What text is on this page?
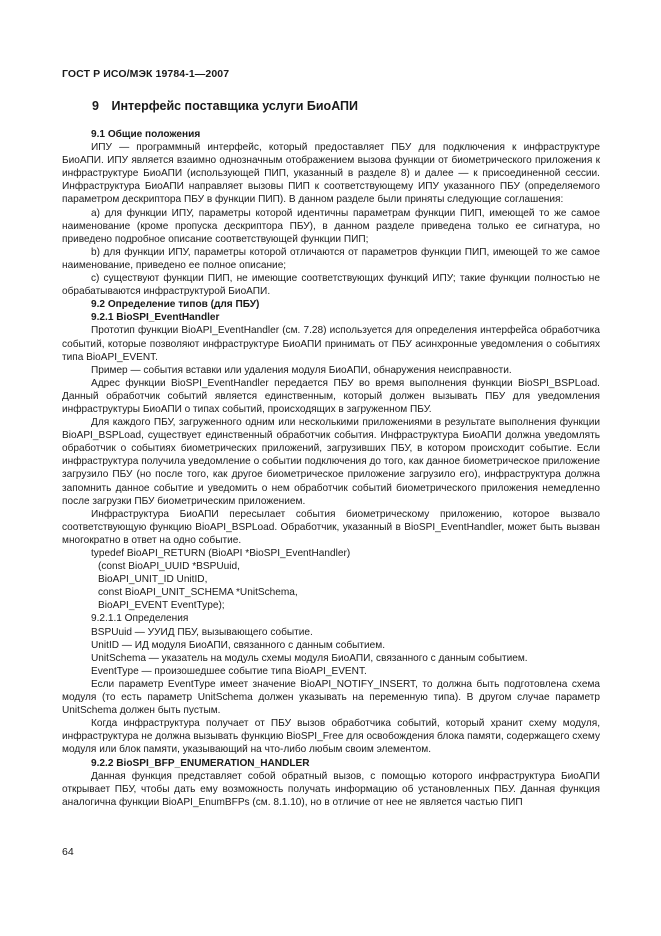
ГОСТ Р ИСО/МЭК 19784-1—2007
9 Интерфейс поставщика услуги БиоАПИ

9.1 Общие положения

ИПУ — программный интерфейс, который предоставляет ПБУ для подключения к инфраструктуре БиоАПИ. ИПУ является взаимно однозначным отображением вызова функции от биометрического приложения к инфраструктуре БиоАПИ (использующей ПИП, указанный в разделе 8) и далее — к присоединенной сессии. Инфраструктура БиоАПИ направляет вызовы ПИП к соответствующему ИПУ указанного ПБУ (определяемого параметром дескриптора ПБУ в функции ПИП). В данном разделе были приняты следующие соглашения:

a) для функции ИПУ, параметры которой идентичны параметрам функции ПИП, имеющей то же самое наименование (кроме пропуска дескриптора ПБУ), в данном разделе приведена только ее сигнатура, но приведено подробное описание соответствующей функции ПИП;

b) для функции ИПУ, параметры которой отличаются от параметров функции ПИП, имеющей то же самое наименование, приведено ее полное описание;

c) существуют функции ПИП, не имеющие соответствующих функций ИПУ; такие функции полностью не обрабатываются инфраструктурой БиоАПИ.

9.2 Определение типов (для ПБУ)

9.2.1 BioSPI_EventHandler

Прототип функции BioAPI_EventHandler (см. 7.28) используется для определения интерфейса обработчика событий, которые позволяют инфраструктуре БиоАПИ принимать от ПБУ асинхронные уведомления о событиях типа BioAPI_EVENT.

Пример — события вставки или удаления модуля БиоАПИ, обнаружения неисправности.

Адрес функции BioSPI_EventHandler передается ПБУ во время выполнения функции BioSPI_BSPLoad. Данный обработчик событий является единственным, который должен вызывать ПБУ для уведомления инфраструктуры БиоАПИ о типах событий, происходящих в загруженном ПБУ.

Для каждого ПБУ, загруженного одним или несколькими приложениями в результате выполнения функции BioAPI_BSPLoad, существует единственный обработчик события. Инфраструктура БиоАПИ должна уведомлять обработчик о событиях биометрических приложений, загрузивших ПБУ, в котором происходит событие. Если инфраструктура получила уведомление о событии подключения до того, как данное биометрическое приложение загрузило ПБУ (но после того, как другое биометрическое приложение загрузило его), инфраструктура должна запомнить данное событие и уведомить о нем обработчик событий биометрического приложения немедленно после загрузки ПБУ биометрическим приложением.

Инфраструктура БиоАПИ пересылает события биометрическому приложению, которое вызвало соответствующую функцию BioAPI_BSPLoad. Обработчик, указанный в BioSPI_EventHandler, может быть вызван многократно в ответ на одно событие.

typedef BioAPI_RETURN (BioAPI *BioSPI_EventHandler)

(const BioAPI_UUID *BSPUuid,

BioAPI_UNIT_ID UnitID,

const BioAPI_UNIT_SCHEMA *UnitSchema,

BioAPI_EVENT EventType);

9.2.1.1 Определения

BSPUuid — УУИД ПБУ, вызывающего событие.

UnitID — ИД модуля БиоАПИ, связанного с данным событием.

UnitSchema — указатель на модуль схемы модуля БиоАПИ, связанного с данным событием.

EventType — произошедшее событие типа BioAPI_EVENT.

Если параметр EventType имеет значение BioAPI_NOTIFY_INSERT, то должна быть подготовлена схема модуля (то есть параметр UnitSchema должен указывать на переменную типа). В другом случае параметр UnitSchema должен быть пустым.

Когда инфраструктура получает от ПБУ вызов обработчика событий, который хранит схему модуля, инфраструктура не должна вызывать функцию BioSPI_Free для освобождения блока памяти, содержащего схему модуля или блок памяти, указывающий на что-либо любым своим элементом.

9.2.2 BioSPI_BFP_ENUMERATION_HANDLER

Данная функция представляет собой обратный вызов, с помощью которого инфраструктура БиоАПИ открывает ПБУ, чтобы дать ему возможность получать информацию об установленных ПБУ. Данная функция аналогична функции BioAPI_EnumBFPs (см. 8.1.10), но в отличие от нее не является частью ПИП

64
